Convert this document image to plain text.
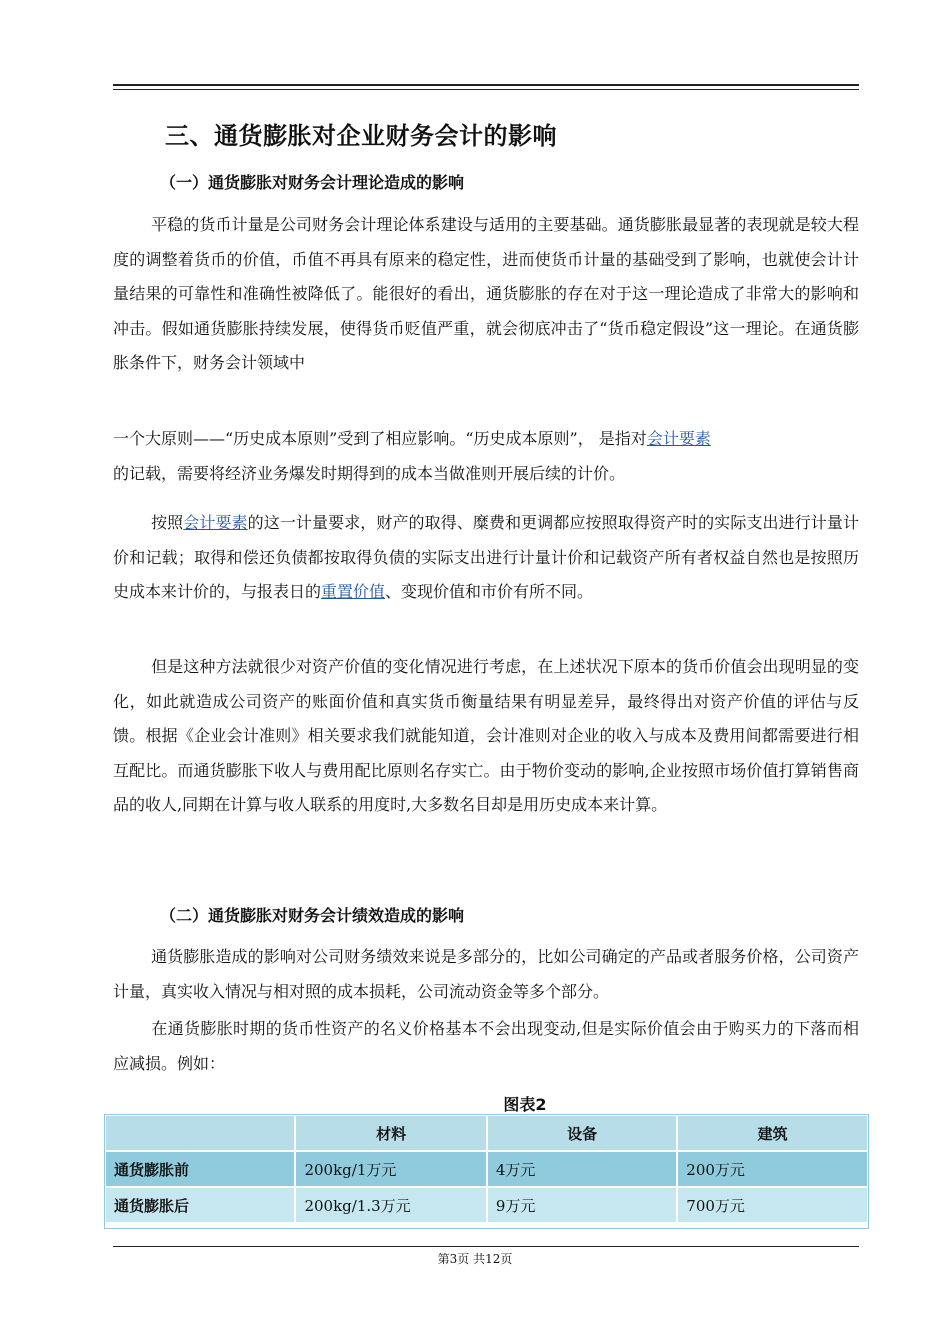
三、通货膨胀对企业财务会计的影响
（一）通货膨胀对财务会计理论造成的影响

平稳的货币计量是公司财务会计理论体系建设与适用的主要基础。通货膨胀最显著的表现就是较大程度的调整着货币的价值，币值不再具有原来的稳定性，进而使货币计量的基础受到了影响，也就使会计计量结果的可靠性和准确性被降低了。能很好的看出，通货膨胀的存在对于这一理论造成了非常大的影响和冲击。假如通货膨胀持续发展，使得货币贬值严重，就会彻底冲击了“货币稳定假设”这一理论。在通货膨胀条件下，财务会计领域中

一个大原则——“历史成本原则”受到了相应影响。“历史成本原则”， 是指对会计要素
的记载，需要将经济业务爆发时期得到的成本当做准则开展后续的计价。

按照会计要素的这一计量要求，财产的取得、糜费和更调都应按照取得资产时的实际支出进行计量计价和记载；取得和偿还负债都按取得负债的实际支出进行计量计价和记载资产所有者权益自然也是按照历史成本来计价的，与报表日的重置价值、变现价值和市价有所不同。

但是这种方法就很少对资产价值的变化情况进行考虑，在上述状况下原本的货币价值会出现明显的变化，如此就造成公司资产的账面价值和真实货币衡量结果有明显差异，最终得出对资产价值的评估与反馈。根据《企业会计准则》相关要求我们就能知道，会计准则对企业的收入与成本及费用间都需要进行相互配比。而通货膨胀下收人与费用配比原则名存实亡。由于物价变动的影响,企业按照市场价值打算销售商品的收人,同期在计算与收人联系的用度时,大多数名目却是用历史成本来计算。

（二）通货膨胀对财务会计绩效造成的影响

通货膨胀造成的影响对公司财务绩效来说是多部分的，比如公司确定的产品或者服务价格，公司资产计量，真实收入情况与相对照的成本损耗，公司流动资金等多个部分。

在通货膨胀时期的货币性资产的名义价格基本不会出现变动,但是实际价值会由于购买力的下落而相应减损。例如：

图表2
	材料	设备	建筑
通货膨胀前	200kg/1万元	4万元	200万元
通货膨胀后	200kg/1.3万元	9万元	700万元
第3页 共12页
